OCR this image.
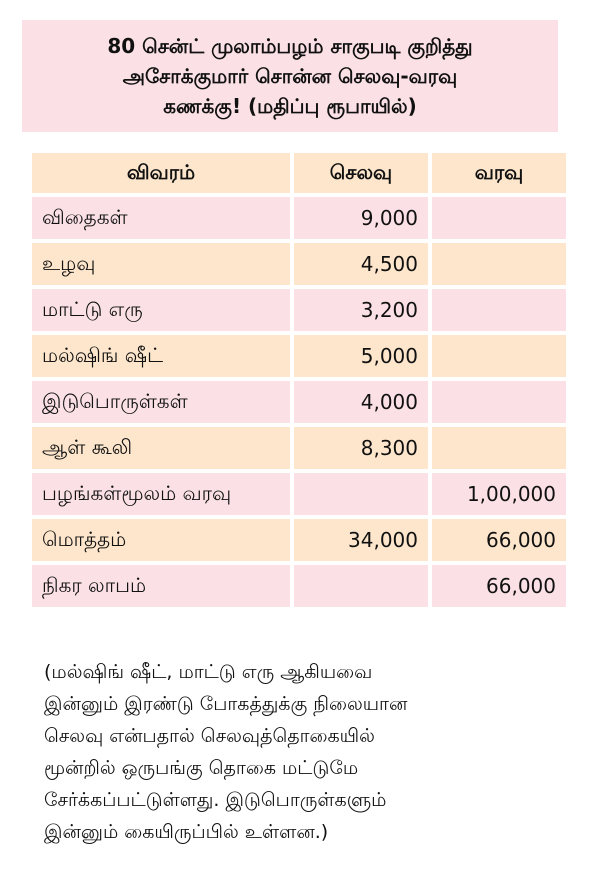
80 சென்ட் முலாம்பழம் சாகுபடி குறித்து
அசோக்குமார் சொன்ன செலவு-வரவு
கணக்கு! (மதிப்பு ரூபாயில்)
விவரம்	செலவு	வரவு
விதைகள்	9,000	
உழவு	4,500	
மாட்டு எரு	3,200	
மல்ஷிங் ஷீட்	5,000	
இடுபொருள்கள்	4,000	
ஆள் கூலி	8,300	
பழங்கள்மூலம் வரவு		1,00,000
மொத்தம்	34,000	66,000
நிகர லாபம்		66,000
(மல்ஷிங் ஷீட், மாட்டு எரு ஆகியவை
இன்னும் இரண்டு போகத்துக்கு நிலையான
செலவு என்பதால் செலவுத்தொகையில்
மூன்றில் ஒருபங்கு தொகை மட்டுமே
சேர்க்கப்பட்டுள்ளது. இடுபொருள்களும்
இன்னும் கையிருப்பில் உள்ளன.)
